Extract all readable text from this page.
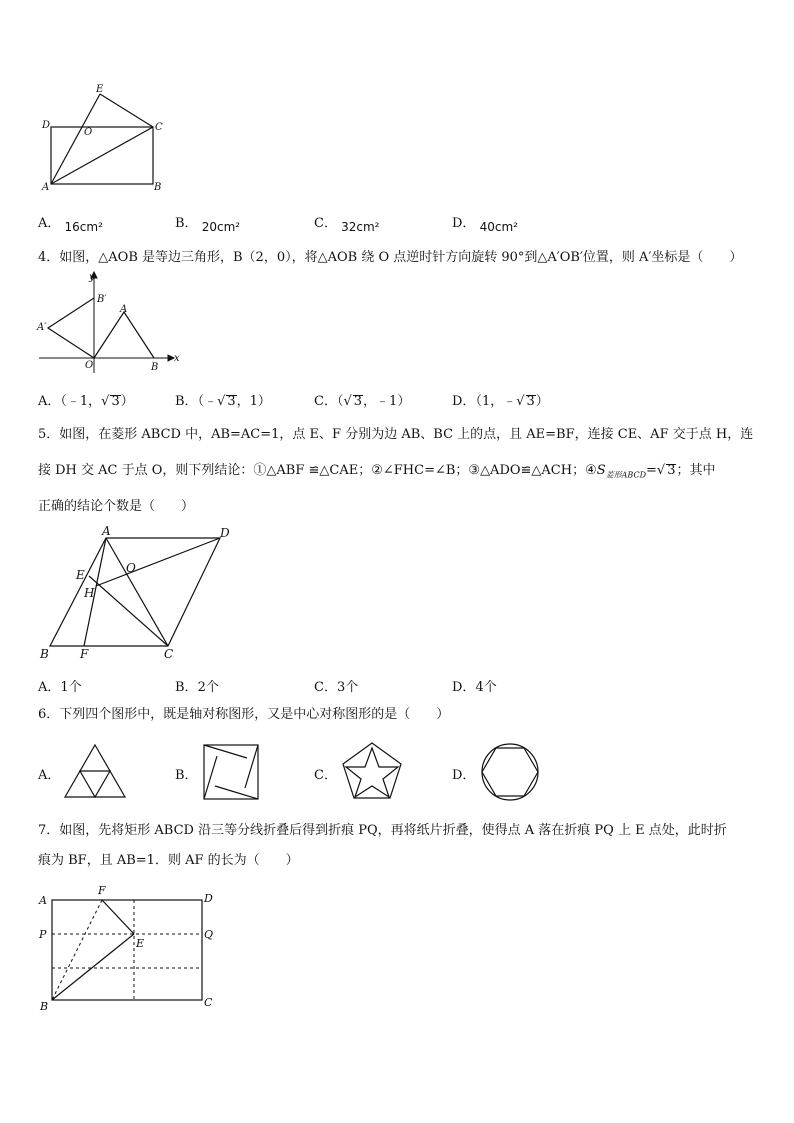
E
D
O	C
A	B
A． 16cm²	B． 20cm²	C． 32cm²	D． 40cm²
4．如图，△AOB 是等边三角形，B（2，0），将△AOB 绕 O 点逆时针方向旋转 90°到△A′OB′位置，则 A′坐标是（　　）
y
B′
A
A′
O	B
x
A．（﹣1，√ 3）	B．（﹣√ 3，1）	C．（√ 3，﹣1）	D．（1，﹣√ 3）
5．如图，在菱形 ABCD 中，AB=AC=1，点 E、F 分别为边 AB、BC 上的点，且 AE=BF，连接 CE、AF 交于点 H，连
接 DH 交 AC 于点 O，则下列结论：①△ABF ≌△CAE；②∠FHC=∠B；③△ADO≌△ACH；$④S_{菱形ABCD}=√$ 3；其中
正确的结论个数是（　　）
A	D
E	O
H
B	F	C
A．1个	B．2个	C．3个	D．4个
6．下列四个图形中，既是轴对称图形，又是中心对称图形的是（　　）
A．	B．	C．	D．
7．如图，先将矩形 ABCD 沿三等分线折叠后得到折痕 PQ，再将纸片折叠，使得点 A 落在折痕 PQ 上 E 点处，此时折
痕为 BF，且 AB=1．则 AF 的长为（　　）
A
F
D
P	Q
E
B	C
